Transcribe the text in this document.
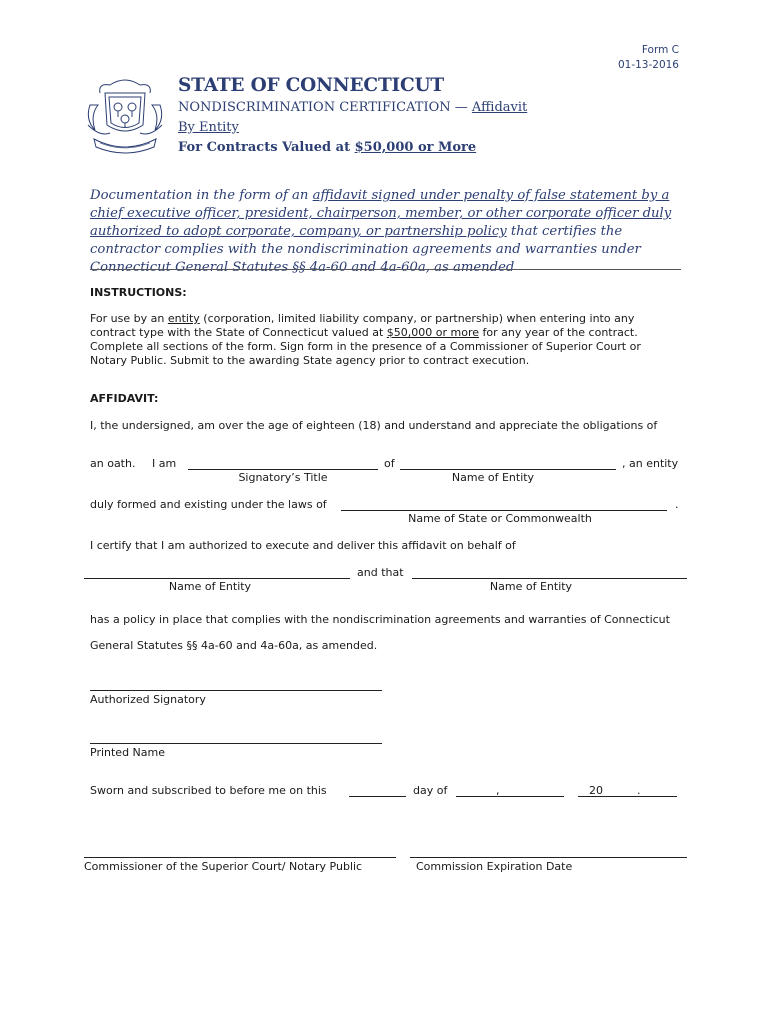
Form C
01-13-2016
STATE OF CONNECTICUT
NONDISCRIMINATION CERTIFICATION — Affidavit
By Entity
For Contracts Valued at $50,000 or More
Documentation in the form of an affidavit signed under penalty of false statement by a chief executive officer, president, chairperson, member, or other corporate officer duly authorized to adopt corporate, company, or partnership policy that certifies the contractor complies with the nondiscrimination agreements and warranties under Connecticut General Statutes §§ 4a-60 and 4a-60a, as amended
INSTRUCTIONS:
For use by an entity (corporation, limited liability company, or partnership) when entering into any contract type with the State of Connecticut valued at $50,000 or more for any year of the contract. Complete all sections of the form. Sign form in the presence of a Commissioner of Superior Court or Notary Public. Submit to the awarding State agency prior to contract execution.
AFFIDAVIT:
I, the undersigned, am over the age of eighteen (18) and understand and appreciate the obligations of
an oath. I am	of	, an entity
Signatory’s Title	Name of Entity
duly formed and existing under the laws of	.
Name of State or Commonwealth
I certify that I am authorized to execute and deliver this affidavit on behalf of
and that
Name of Entity	Name of Entity
has a policy in place that complies with the nondiscrimination agreements and warranties of Connecticut
General Statutes §§ 4a-60 and 4a-60a, as amended.
Authorized Signatory
Printed Name
Sworn and subscribed to before me on this	day of	,	20	.
Commissioner of the Superior Court/ Notary Public	Commission Expiration Date
